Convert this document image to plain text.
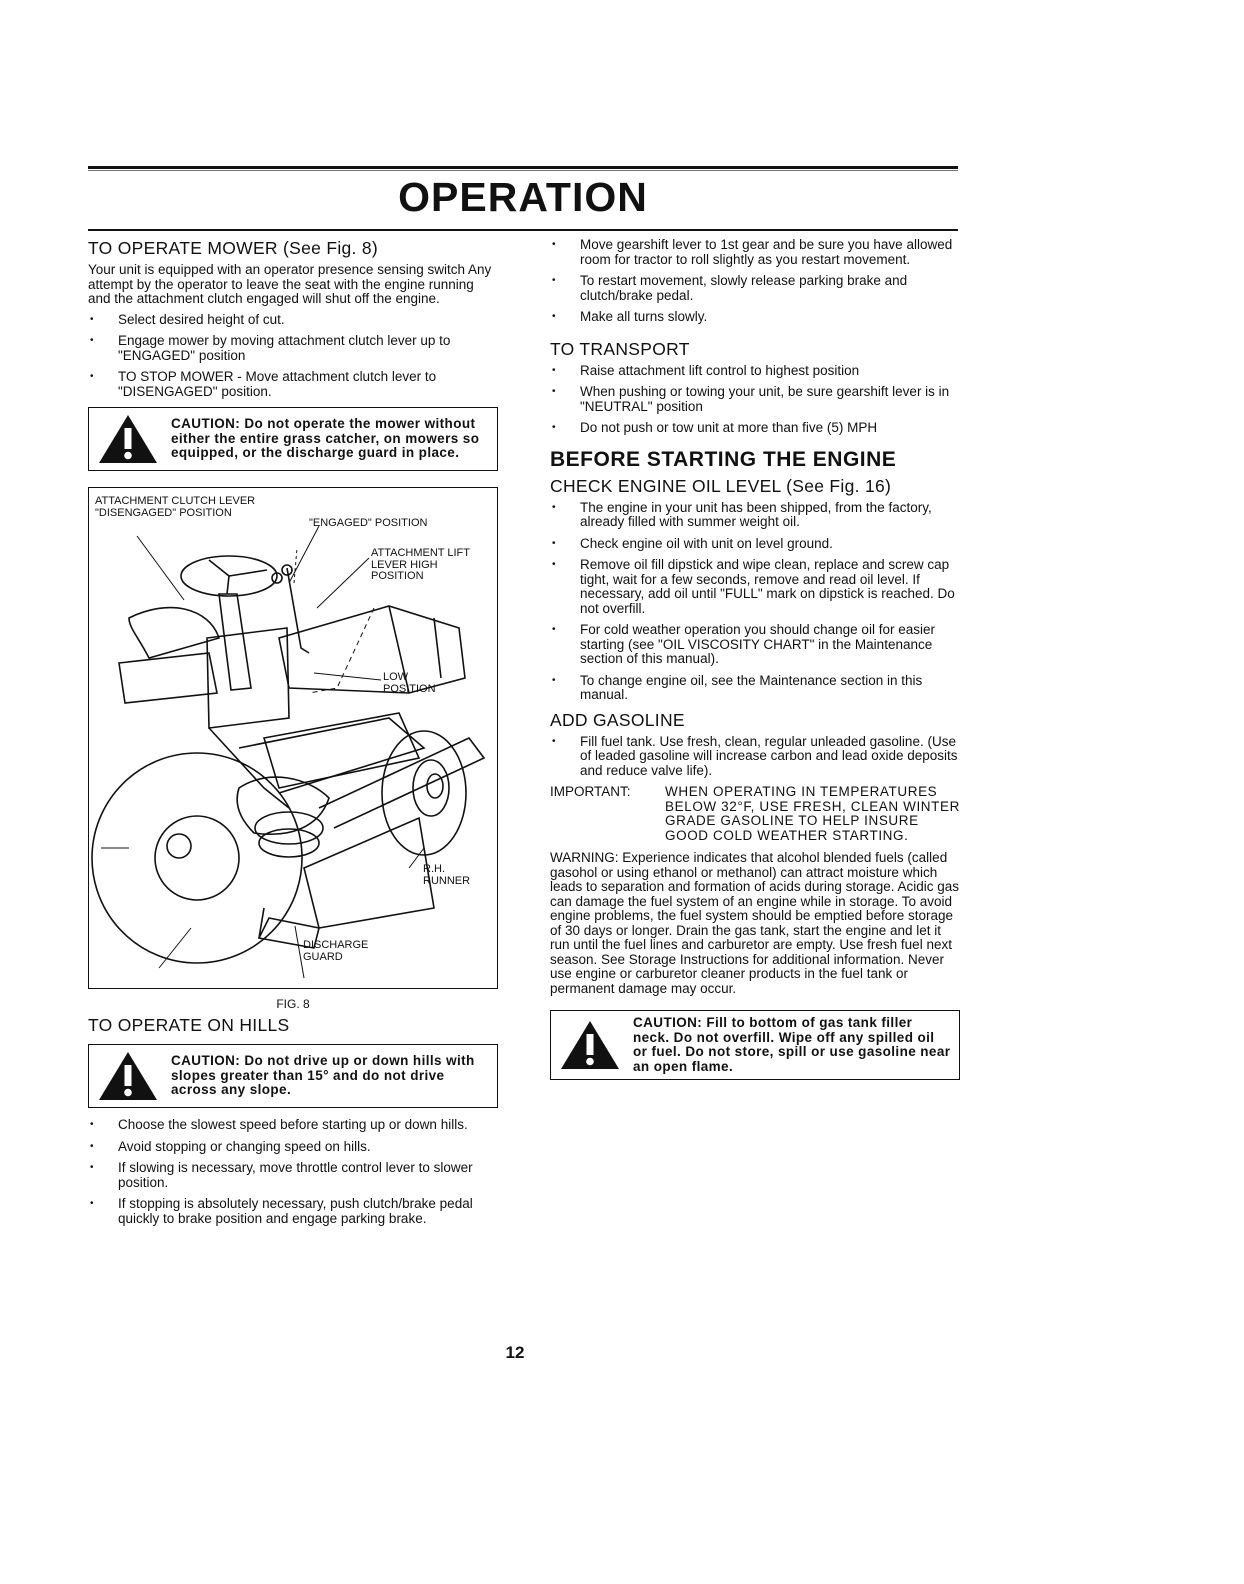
OPERATION
TO OPERATE MOWER (See Fig. 8)

Your unit is equipped with an operator presence sensing switch Any attempt by the operator to leave the seat with the engine running and the attachment clutch engaged will shut off the engine.

• Select desired height of cut.
• Engage mower by moving attachment clutch lever up to "ENGAGED" position
• TO STOP MOWER - Move attachment clutch lever to "DISENGAGED" position.
CAUTION: Do not operate the mower without either the entire grass catcher, on mowers so equipped, or the discharge guard in place.
ATTACHMENT CLUTCH LEVER "DISENGAGED" POSITION
"ENGAGED" POSITION
ATTACHMENT LIFT LEVER HIGH POSITION
LOW POSITION
R.H. RUNNER
DISCHARGE GUARD
FIG. 8
TO OPERATE ON HILLS
CAUTION: Do not drive up or down hills with slopes greater than 15° and do not drive across any slope.
• Choose the slowest speed before starting up or down hills.
• Avoid stopping or changing speed on hills.
• If slowing is necessary, move throttle control lever to slower position.
• If stopping is absolutely necessary, push clutch/brake pedal quickly to brake position and engage parking brake.
• Move gearshift lever to 1st gear and be sure you have allowed room for tractor to roll slightly as you restart movement.
• To restart movement, slowly release parking brake and clutch/brake pedal.
• Make all turns slowly.
TO TRANSPORT
• Raise attachment lift control to highest position
• When pushing or towing your unit, be sure gearshift lever is in "NEUTRAL" position
• Do not push or tow unit at more than five (5) MPH
BEFORE STARTING THE ENGINE
CHECK ENGINE OIL LEVEL (See Fig. 16)
• The engine in your unit has been shipped, from the factory, already filled with summer weight oil.
• Check engine oil with unit on level ground.
• Remove oil fill dipstick and wipe clean, replace and screw cap tight, wait for a few seconds, remove and read oil level. If necessary, add oil until "FULL" mark on dipstick is reached. Do not overfill.
• For cold weather operation you should change oil for easier starting (see "OIL VISCOSITY CHART" in the Maintenance section of this manual).
• To change engine oil, see the Maintenance section in this manual.
ADD GASOLINE
• Fill fuel tank. Use fresh, clean, regular unleaded gasoline. (Use of leaded gasoline will increase carbon and lead oxide deposits and reduce valve life).
IMPORTANT:	WHEN OPERATING IN TEMPERATURES BELOW 32°F, USE FRESH, CLEAN WINTER GRADE GASOLINE TO HELP INSURE GOOD COLD WEATHER STARTING.

WARNING: Experience indicates that alcohol blended fuels (called gasohol or using ethanol or methanol) can attract moisture which leads to separation and formation of acids during storage. Acidic gas can damage the fuel system of an engine while in storage. To avoid engine problems, the fuel system should be emptied before storage of 30 days or longer. Drain the gas tank, start the engine and let it run until the fuel lines and carburetor are empty. Use fresh fuel next season. See Storage Instructions for additional information. Never use engine or carburetor cleaner products in the fuel tank or permanent damage may occur.

CAUTION: Fill to bottom of gas tank filler neck. Do not overfill. Wipe off any spilled oil or fuel. Do not store, spill or use gasoline near an open flame.
12
